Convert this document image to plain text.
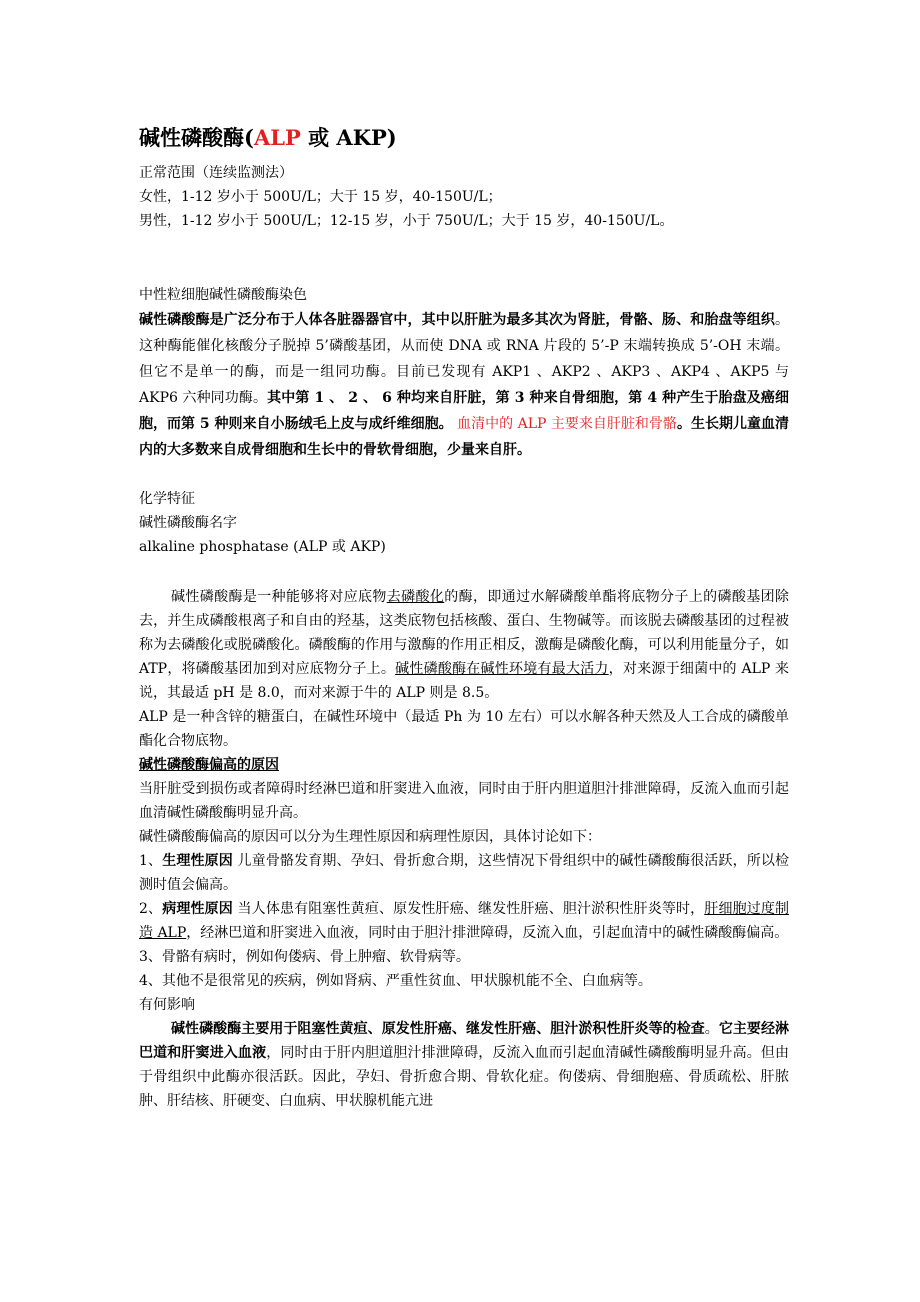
碱性磷酸酶(ALP 或 AKP)

正常范围（连续监测法）

女性，1-12 岁小于 500U/L；大于 15 岁，40-150U/L；

男性，1-12 岁小于 500U/L；12-15 岁，小于 750U/L；大于 15 岁，40-150U/L。

中性粒细胞碱性磷酸酶染色

碱性磷酸酶是广泛分布于人体各脏器器官中，其中以肝脏为最多其次为肾脏，骨骼、肠、和胎盘等组织。这种酶能催化核酸分子脱掉 5’磷酸基团，从而使 DNA 或 RNA 片段的 5’-P 末端转换成 5’-OH 末端。但它不是单一的酶，而是一组同功酶。目前已发现有 AKP1 、AKP2 、AKP3 、AKP4 、AKP5 与 AKP6 六种同功酶。其中第 1 、 2 、 6 种均来自肝脏，第 3 种来自骨细胞，第 4 种产生于胎盘及癌细胞，而第 5 种则来自小肠绒毛上皮与成纤维细胞。 血清中的 ALP 主要来自肝脏和骨骼。生长期儿童血清内的大多数来自成骨细胞和生长中的骨软骨细胞，少量来自肝。

化学特征

碱性磷酸酶名字

alkaline phosphatase (ALP 或 AKP)

碱性磷酸酶是一种能够将对应底物去磷酸化的酶，即通过水解磷酸单酯将底物分子上的磷酸基团除去，并生成磷酸根离子和自由的羟基，这类底物包括核酸、蛋白、生物碱等。而该脱去磷酸基团的过程被称为去磷酸化或脱磷酸化。磷酸酶的作用与激酶的作用正相反，激酶是磷酸化酶，可以利用能量分子，如 ATP，将磷酸基团加到对应底物分子上。碱性磷酸酶在碱性环境有最大活力，对来源于细菌中的 ALP 来说，其最适 pH 是 8.0，而对来源于牛的 ALP 则是 8.5。

ALP 是一种含锌的糖蛋白，在碱性环境中（最适 Ph 为 10 左右）可以水解各种天然及人工合成的磷酸单酯化合物底物。

碱性磷酸酶偏高的原因

当肝脏受到损伤或者障碍时经淋巴道和肝窦进入血液，同时由于肝内胆道胆汁排泄障碍，反流入血而引起血清碱性磷酸酶明显升高。

碱性磷酸酶偏高的原因可以分为生理性原因和病理性原因，具体讨论如下：

1、生理性原因 儿童骨骼发育期、孕妇、骨折愈合期，这些情况下骨组织中的碱性磷酸酶很活跃，所以检测时值会偏高。

2、病理性原因 当人体患有阻塞性黄疸、原发性肝癌、继发性肝癌、胆汁淤积性肝炎等时，肝细胞过度制造 ALP，经淋巴道和肝窦进入血液，同时由于胆汁排泄障碍，反流入血，引起血清中的碱性磷酸酶偏高。

3、骨骼有病时，例如佝偻病、骨上肿瘤、软骨病等。

4、其他不是很常见的疾病，例如肾病、严重性贫血、甲状腺机能不全、白血病等。

有何影响

碱性磷酸酶主要用于阻塞性黄疸、原发性肝癌、继发性肝癌、胆汁淤积性肝炎等的检查。它主要经淋巴道和肝窦进入血液，同时由于肝内胆道胆汁排泄障碍，反流入血而引起血清碱性磷酸酶明显升高。但由于骨组织中此酶亦很活跃。因此，孕妇、骨折愈合期、骨软化症。佝偻病、骨细胞癌、骨质疏松、肝脓肿、肝结核、肝硬变、白血病、甲状腺机能亢进
